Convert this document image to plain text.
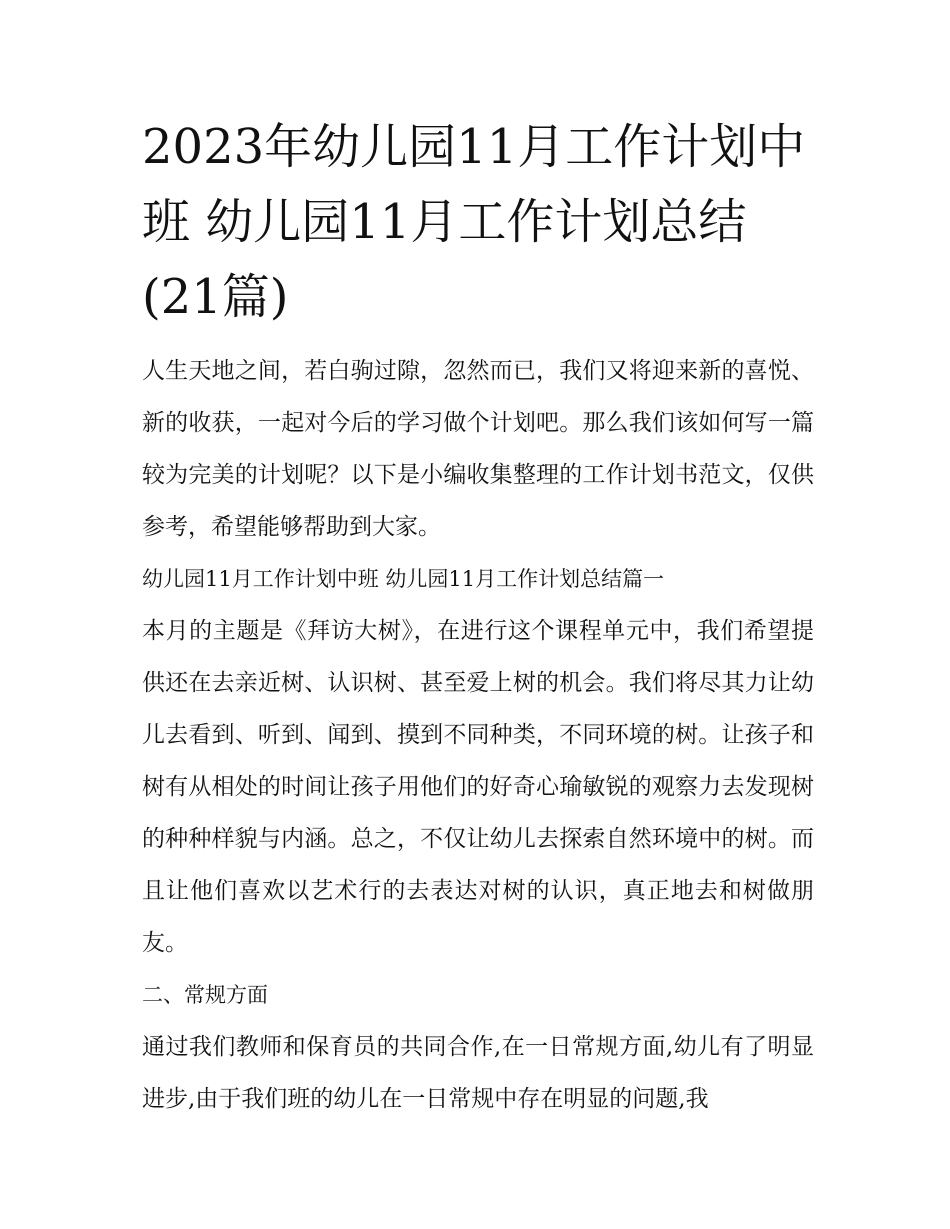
2023年幼儿园11月工作计划中班 幼儿园11月工作计划总结(21篇)

人生天地之间，若白驹过隙，忽然而已，我们又将迎来新的喜悦、新的收获，一起对今后的学习做个计划吧。那么我们该如何写一篇较为完美的计划呢？以下是小编收集整理的工作计划书范文，仅供参考，希望能够帮助到大家。

幼儿园11月工作计划中班 幼儿园11月工作计划总结篇一

本月的主题是《拜访大树》，在进行这个课程单元中，我们希望提供还在去亲近树、认识树、甚至爱上树的机会。我们将尽其力让幼儿去看到、听到、闻到、摸到不同种类，不同环境的树。让孩子和树有从相处的时间让孩子用他们的好奇心瑜敏锐的观察力去发现树的种种样貌与内涵。总之，不仅让幼儿去探索自然环境中的树。而且让他们喜欢以艺术行的去表达对树的认识，真正地去和树做朋友。

二、常规方面

通过我们教师和保育员的共同合作,在一日常规方面,幼儿有了明显进步,由于我们班的幼儿在一日常规中存在明显的问题,我
